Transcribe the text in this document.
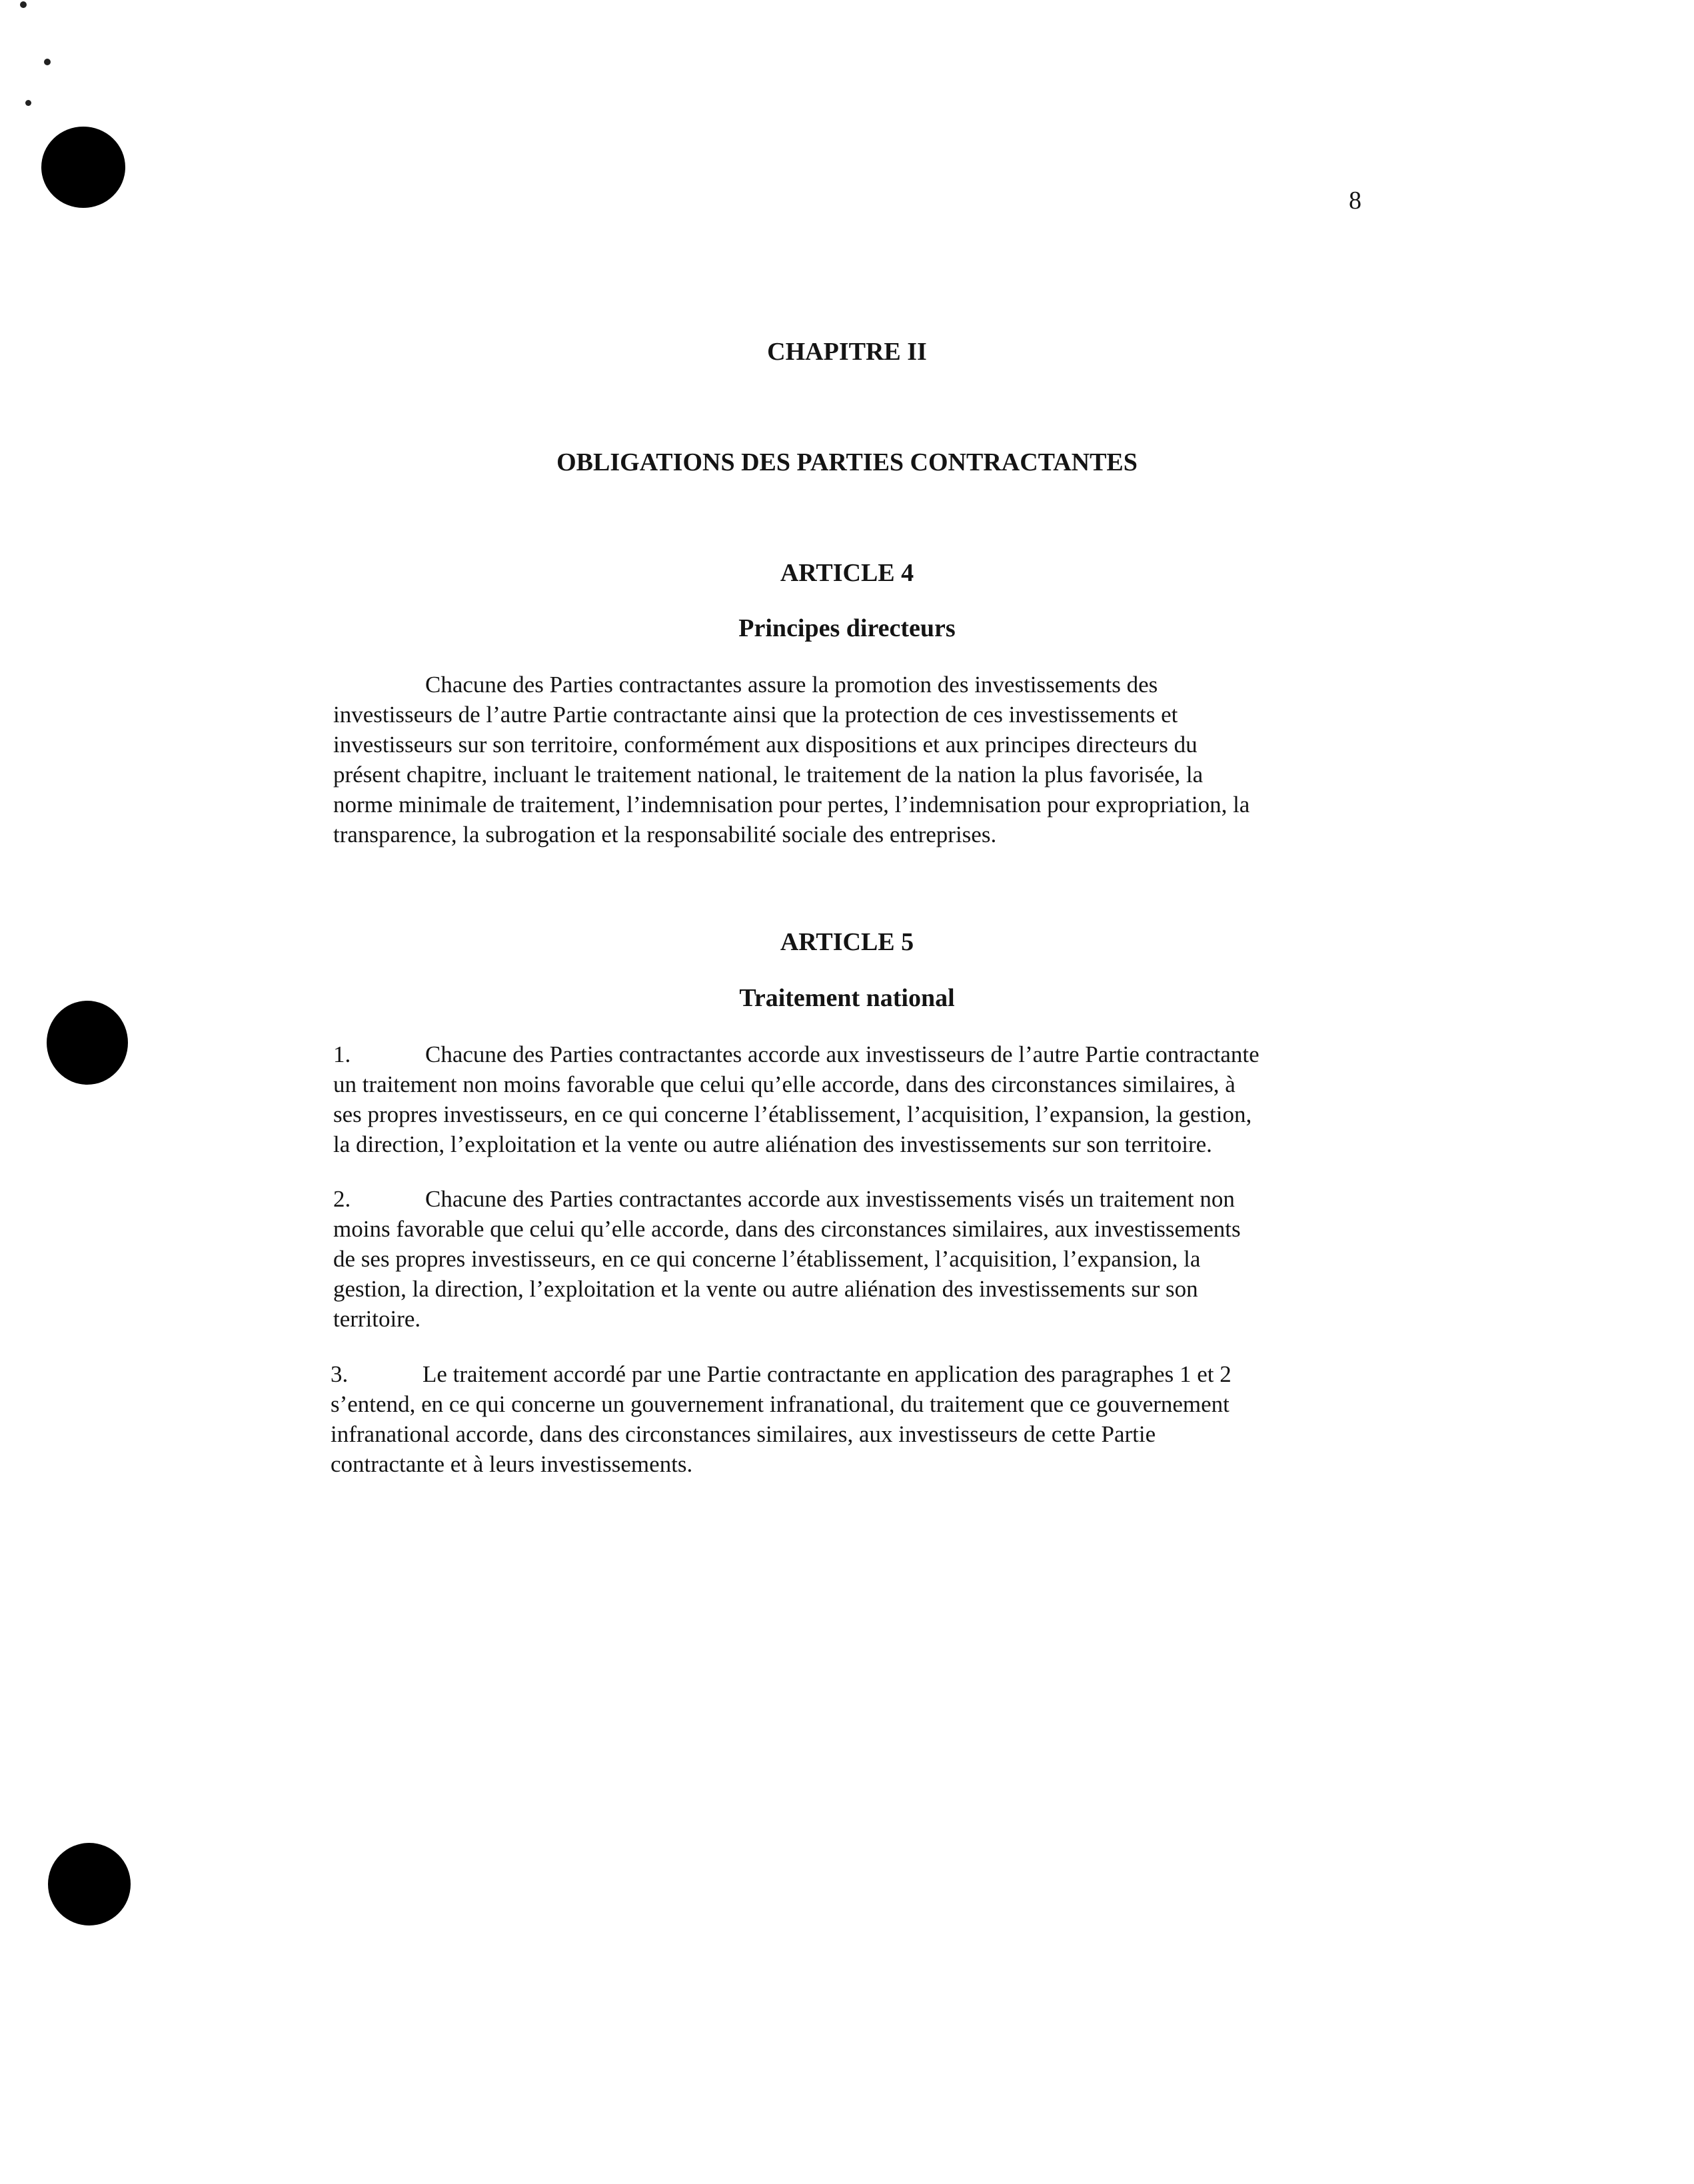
8
CHAPITRE II
OBLIGATIONS DES PARTIES CONTRACTANTES
ARTICLE 4
Principes directeurs
Chacune des Parties contractantes assure la promotion des investissements des
investisseurs de l’autre Partie contractante ainsi que la protection de ces investissements et
investisseurs sur son territoire, conformément aux dispositions et aux principes directeurs du
présent chapitre, incluant le traitement national, le traitement de la nation la plus favorisée, la
norme minimale de traitement, l’indemnisation pour pertes, l’indemnisation pour expropriation, la
transparence, la subrogation et la responsabilité sociale des entreprises.
ARTICLE 5
Traitement national
1.	Chacune des Parties contractantes accorde aux investisseurs de l’autre Partie contractante
un traitement non moins favorable que celui qu’elle accorde, dans des circonstances similaires, à
ses propres investisseurs, en ce qui concerne l’établissement, l’acquisition, l’expansion, la gestion,
la direction, l’exploitation et la vente ou autre aliénation des investissements sur son territoire.
2.	Chacune des Parties contractantes accorde aux investissements visés un traitement non
moins favorable que celui qu’elle accorde, dans des circonstances similaires, aux investissements
de ses propres investisseurs, en ce qui concerne l’établissement, l’acquisition, l’expansion, la
gestion, la direction, l’exploitation et la vente ou autre aliénation des investissements sur son
territoire.
3.	Le traitement accordé par une Partie contractante en application des paragraphes 1 et 2
s’entend, en ce qui concerne un gouvernement infranational, du traitement que ce gouvernement
infranational accorde, dans des circonstances similaires, aux investisseurs de cette Partie
contractante et à leurs investissements.
